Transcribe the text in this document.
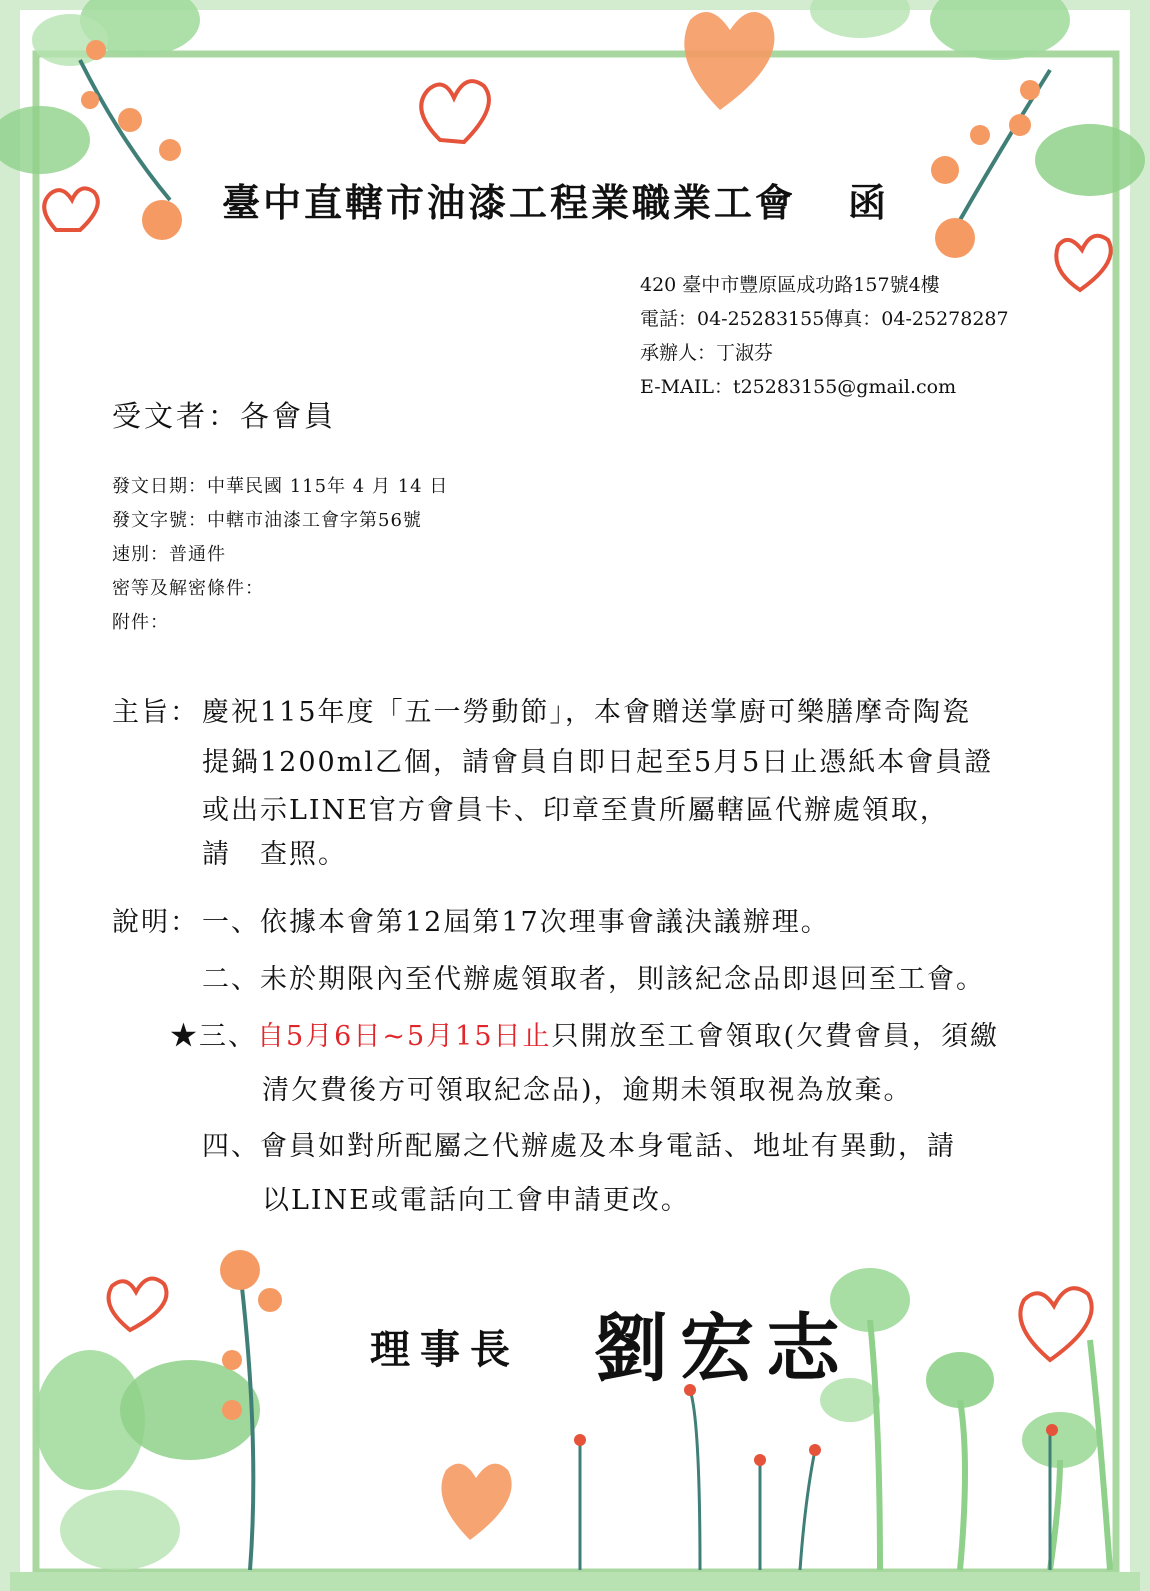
臺中直轄市油漆工程業職業工會 函
420 臺中市豐原區成功路157號4樓
電話：04-25283155傳真：04-25278287
承辦人：丁淑芬
E-MAIL：t25283155@gmail.com
受文者：各會員
發文日期：中華民國 115年 4 月 14 日
發文字號：中轄市油漆工會字第56號
速別：普通件
密等及解密條件：
附件：
主旨： 慶祝115年度「五一勞動節」，本會贈送掌廚可樂膳摩奇陶瓷
提鍋1200ml乙個，請會員自即日起至5月5日止憑紙本會員證
或出示LINE官方會員卡、印章至貴所屬轄區代辦處領取，
請　查照。
說明： 一、依據本會第12屆第17次理事會議決議辦理。
二、未於期限內至代辦處領取者，則該紀念品即退回至工會。
★三、自5月6日~5月15日止只開放至工會領取(欠費會員，須繳
清欠費後方可領取紀念品)，逾期未領取視為放棄。
四、會員如對所配屬之代辦處及本身電話、地址有異動，請
以LINE或電話向工會申請更改。
理事長 劉宏志
